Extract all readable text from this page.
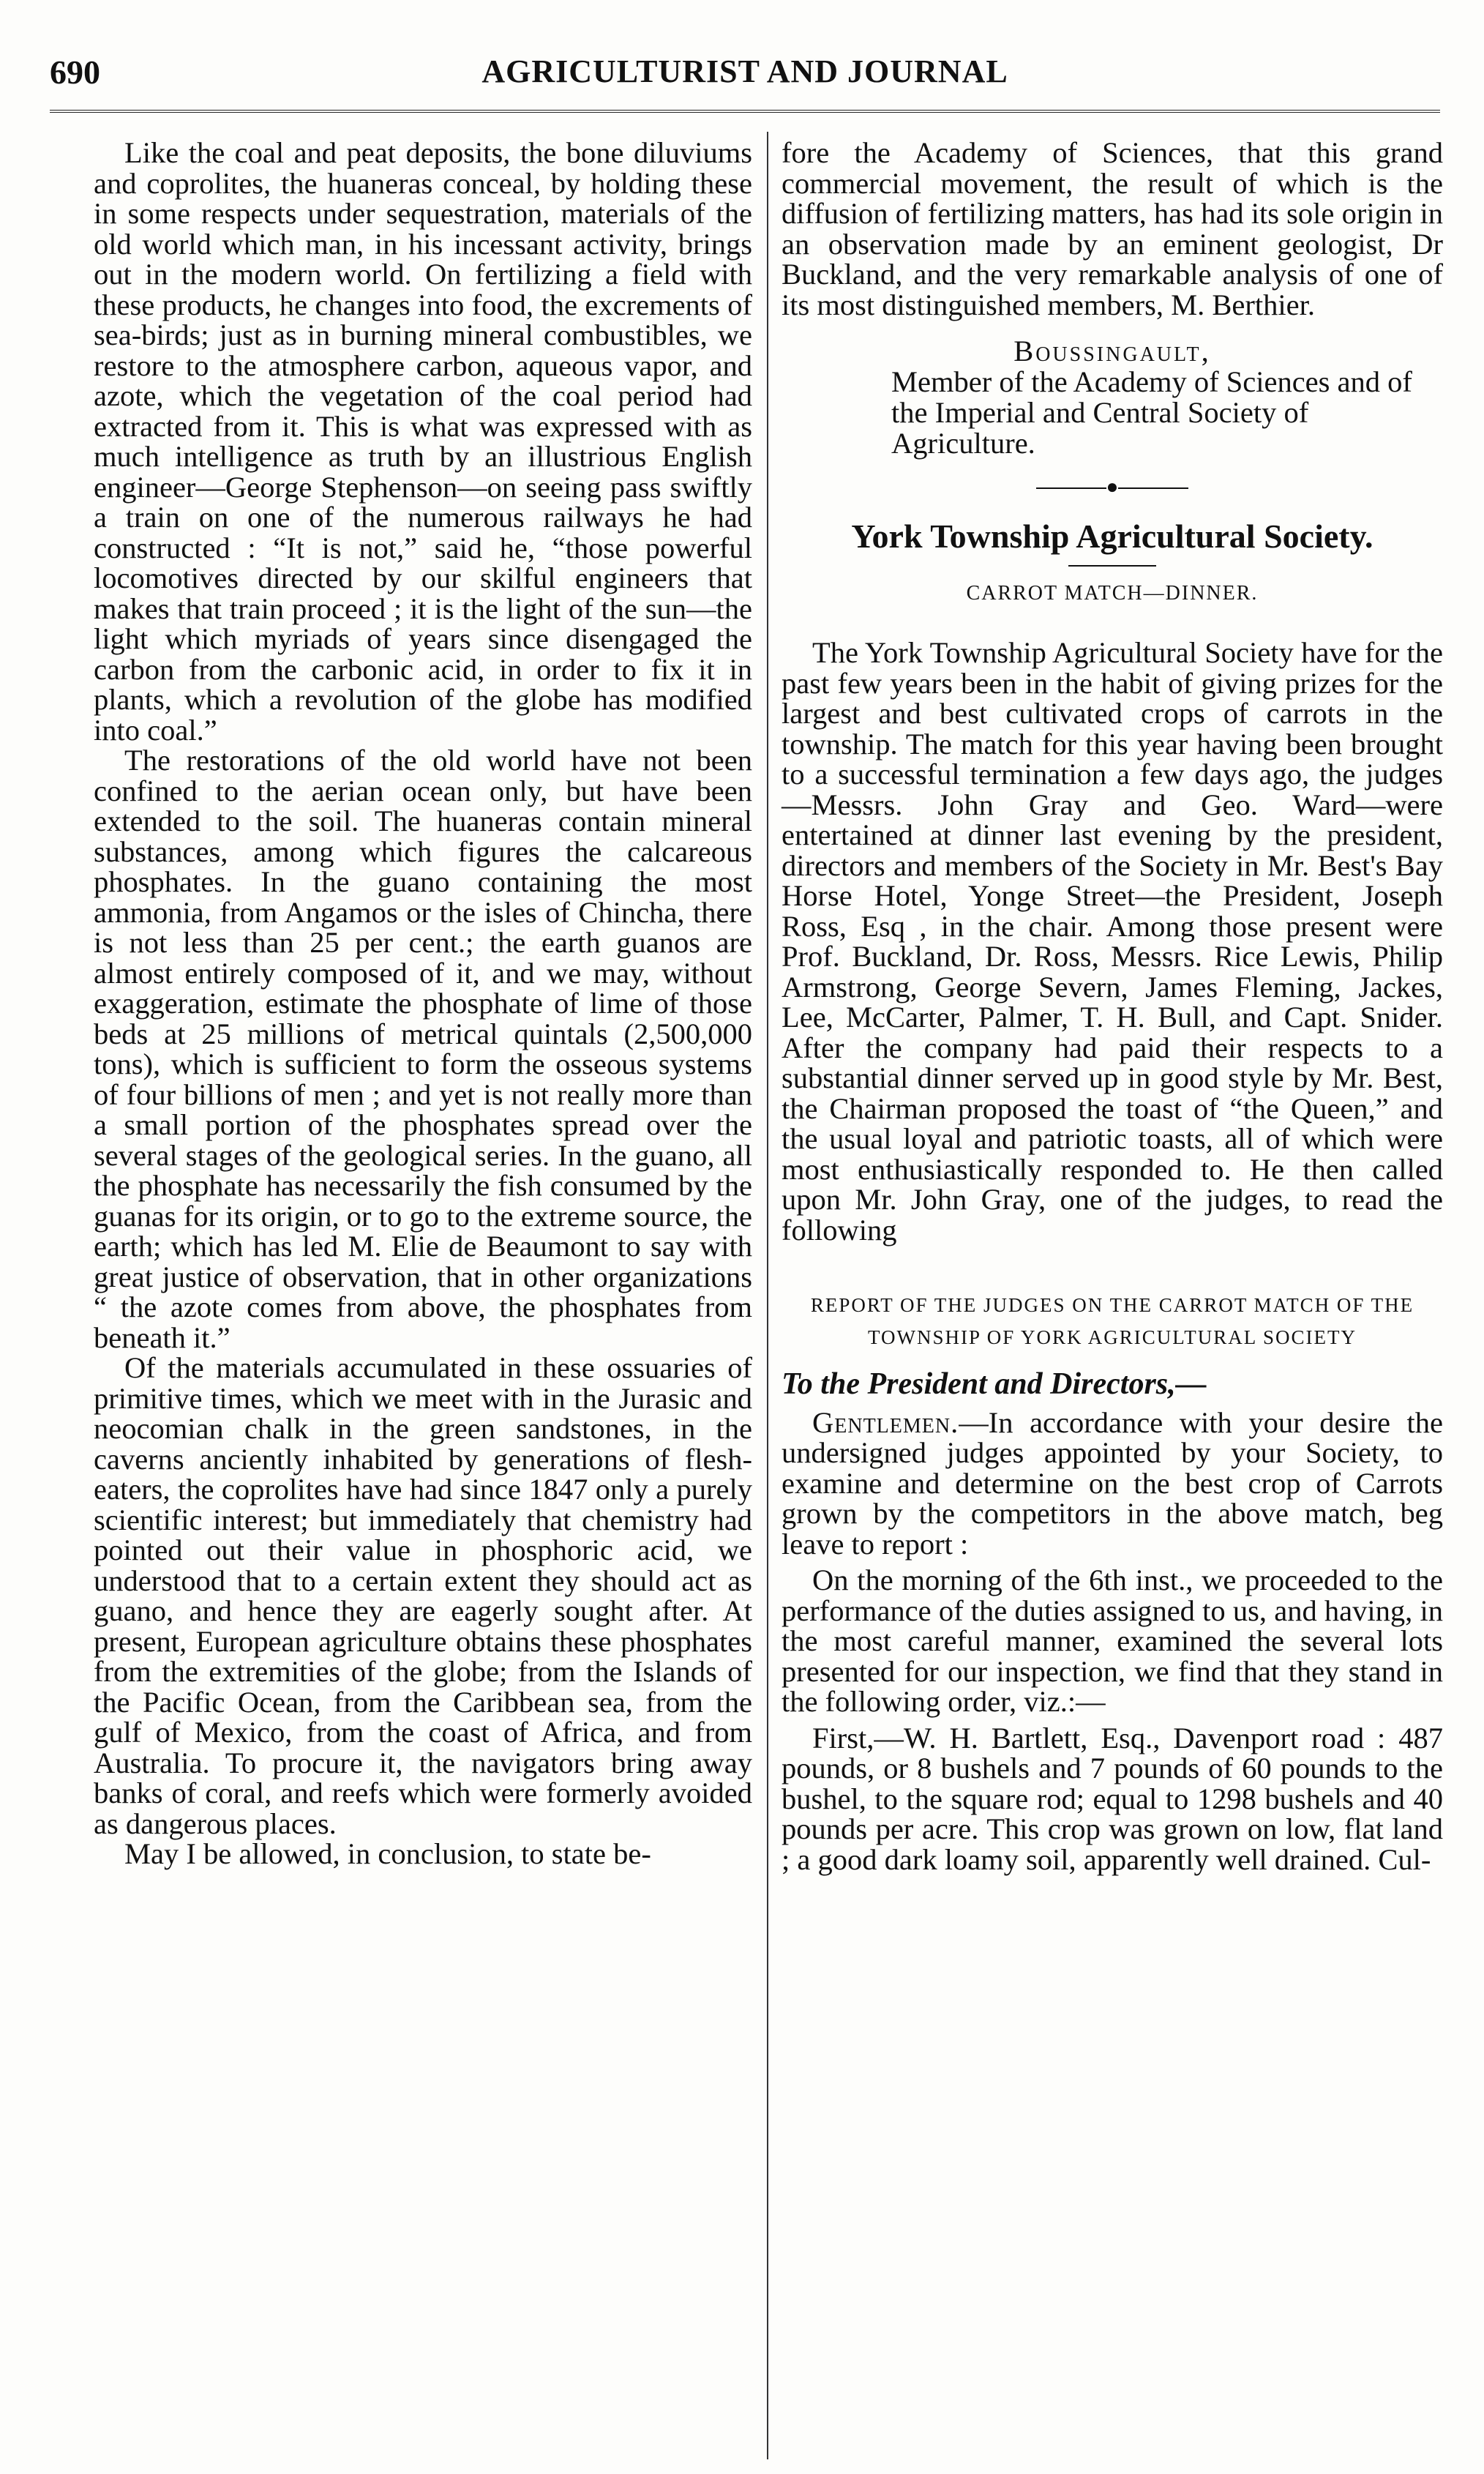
690	AGRICULTURIST AND JOURNAL

Like the coal and peat deposits, the bone diluviums and coprolites, the huaneras conceal, by holding these in some respects under sequestration, materials of the old world which man, in his incessant activity, brings out in the modern world. On fertilizing a field with these products, he changes into food, the excrements of sea-birds; just as in burning mineral combustibles, we restore to the atmosphere carbon, aqueous vapor, and azote, which the vegetation of the coal period had extracted from it. This is what was expressed with as much intelligence as truth by an illustrious English engineer—George Stephenson—on seeing pass swiftly a train on one of the numerous railways he had constructed : “It is not,” said he, “those powerful locomotives directed by our skilful engineers that makes that train proceed ; it is the light of the sun—the light which myriads of years since disengaged the carbon from the carbonic acid, in order to fix it in plants, which a revolution of the globe has modified into coal.”

The restorations of the old world have not been confined to the aerian ocean only, but have been extended to the soil. The huaneras contain mineral substances, among which figures the calcareous phosphates. In the guano containing the most ammonia, from Angamos or the isles of Chincha, there is not less than 25 per cent.; the earth guanos are almost entirely composed of it, and we may, without exaggeration, estimate the phosphate of lime of those beds at 25 millions of metrical quintals (2,500,000 tons), which is sufficient to form the osseous systems of four billions of men ; and yet is not really more than a small portion of the phosphates spread over the several stages of the geological series. In the guano, all the phosphate has necessarily the fish consumed by the guanas for its origin, or to go to the extreme source, the earth; which has led M. Elie de Beaumont to say with great justice of observation, that in other organizations “ the azote comes from above, the phosphates from beneath it.”

Of the materials accumulated in these ossuaries of primitive times, which we meet with in the Jurasic and neocomian chalk in the green sandstones, in the caverns anciently inhabited by generations of flesh-eaters, the coprolites have had since 1847 only a purely scientific interest; but immediately that chemistry had pointed out their value in phosphoric acid, we understood that to a certain extent they should act as guano, and hence they are eagerly sought after. At present, European agriculture obtains these phosphates from the extremities of the globe; from the Islands of the Pacific Ocean, from the Caribbean sea, from the gulf of Mexico, from the coast of Africa, and from Australia. To procure it, the navigators bring away banks of coral, and reefs which were formerly avoided as dangerous places.

May I be allowed, in conclusion, to state be-

fore the Academy of Sciences, that this grand commercial movement, the result of which is the diffusion of fertilizing matters, has had its sole origin in an observation made by an eminent geologist, Dr Buckland, and the very remarkable analysis of one of its most distinguished members, M. Berthier.

Boussingault,

Member of the Academy of Sciences and of the Imperial and Central Society of Agriculture.

●

York Township Agricultural Society.

CARROT MATCH—DINNER.

The York Township Agricultural Society have for the past few years been in the habit of giving prizes for the largest and best cultivated crops of carrots in the township. The match for this year having been brought to a successful termination a few days ago, the judges—Messrs. John Gray and Geo. Ward—were entertained at dinner last evening by the president, directors and members of the Society in Mr. Best's Bay Horse Hotel, Yonge Street—the President, Joseph Ross, Esq , in the chair. Among those present were Prof. Buckland, Dr. Ross, Messrs. Rice Lewis, Philip Armstrong, George Severn, James Fleming, Jackes, Lee, McCarter, Palmer, T. H. Bull, and Capt. Snider. After the company had paid their respects to a substantial dinner served up in good style by Mr. Best, the Chairman proposed the toast of “the Queen,” and the usual loyal and patriotic toasts, all of which were most enthusiastically responded to. He then called upon Mr. John Gray, one of the judges, to read the following

REPORT OF THE JUDGES ON THE CARROT MATCH OF THE TOWNSHIP OF YORK AGRICULTURAL SOCIETY

To the President and Directors,—

Gentlemen.—In accordance with your desire the undersigned judges appointed by your Society, to examine and determine on the best crop of Carrots grown by the competitors in the above match, beg leave to report :

On the morning of the 6th inst., we proceeded to the performance of the duties assigned to us, and having, in the most careful manner, examined the several lots presented for our inspection, we find that they stand in the following order, viz.:—

First,—W. H. Bartlett, Esq., Davenport road : 487 pounds, or 8 bushels and 7 pounds of 60 pounds to the bushel, to the square rod; equal to 1298 bushels and 40 pounds per acre. This crop was grown on low, flat land ; a good dark loamy soil, apparently well drained. Cul-
